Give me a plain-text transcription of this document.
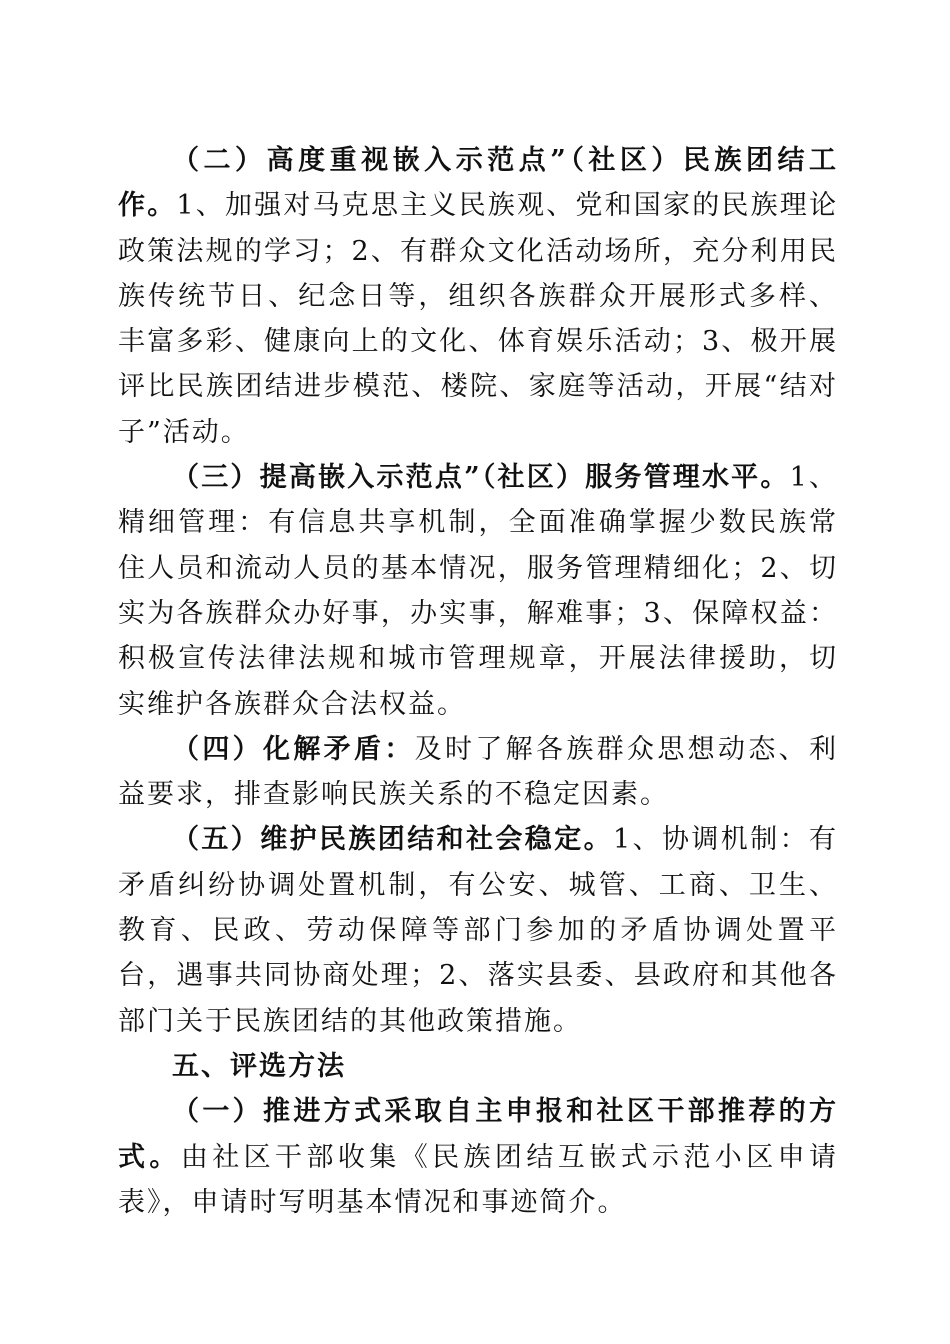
（二）高度重视嵌入示范点”（社区）民族团结工作。1、加强对马克思主义民族观、党和国家的民族理论政策法规的学习；2、有群众文化活动场所，充分利用民族传统节日、纪念日等，组织各族群众开展形式多样、丰富多彩、健康向上的文化、体育娱乐活动；3、极开展评比民族团结进步模范、楼院、家庭等活动，开展“结对子”活动。

（三）提高嵌入示范点”（社区）服务管理水平。1、精细管理：有信息共享机制，全面准确掌握少数民族常住人员和流动人员的基本情况，服务管理精细化；2、切实为各族群众办好事，办实事，解难事；3、保障权益：积极宣传法律法规和城市管理规章，开展法律援助，切实维护各族群众合法权益。

（四）化解矛盾：及时了解各族群众思想动态、利益要求，排查影响民族关系的不稳定因素。

（五）维护民族团结和社会稳定。1、协调机制：有矛盾纠纷协调处置机制，有公安、城管、工商、卫生、教育、民政、劳动保障等部门参加的矛盾协调处置平台，遇事共同协商处理；2、落实县委、县政府和其他各部门关于民族团结的其他政策措施。

五、评选方法

（一）推进方式采取自主申报和社区干部推荐的方式。由社区干部收集《民族团结互嵌式示范小区申请表》，申请时写明基本情况和事迹简介。
